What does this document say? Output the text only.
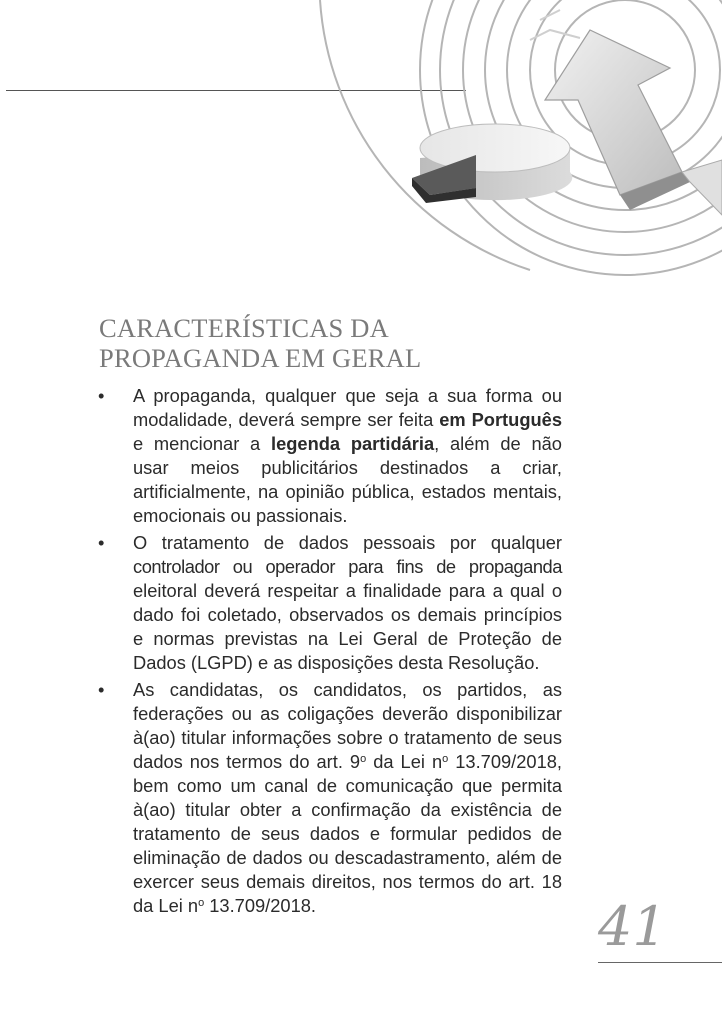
CARACTERÍSTICAS DA
PROPAGANDA EM GERAL
• A propaganda, qualquer que seja a sua forma ou modalidade, deverá sempre ser feita em Português e mencionar a legenda partidária, além de não usar meios publicitários destinados a criar, artificialmente, na opinião pública, estados mentais, emocionais ou passionais.
• O tratamento de dados pessoais por qualquer controlador ou operador para fins de propaganda eleitoral deverá respeitar a finalidade para a qual o dado foi coletado, observados os demais princípios e normas previstas na Lei Geral de Proteção de Dados (LGPD) e as disposições desta Resolução.
• As candidatas, os candidatos, os partidos, as federações ou as coligações deverão disponibilizar à(ao) titular informações sobre o tratamento de seus dados nos termos do art. 9$^o$ da Lei $n^o$ 13.709/2018, bem como um canal de comunicação que permita à(ao) titular obter a confirmação da existência de tratamento de seus dados e formular pedidos de eliminação de dados ou descadastramento, além de exercer seus demais direitos, nos termos do art. 18 da Lei $n^o$ 13.709/2018.	41
